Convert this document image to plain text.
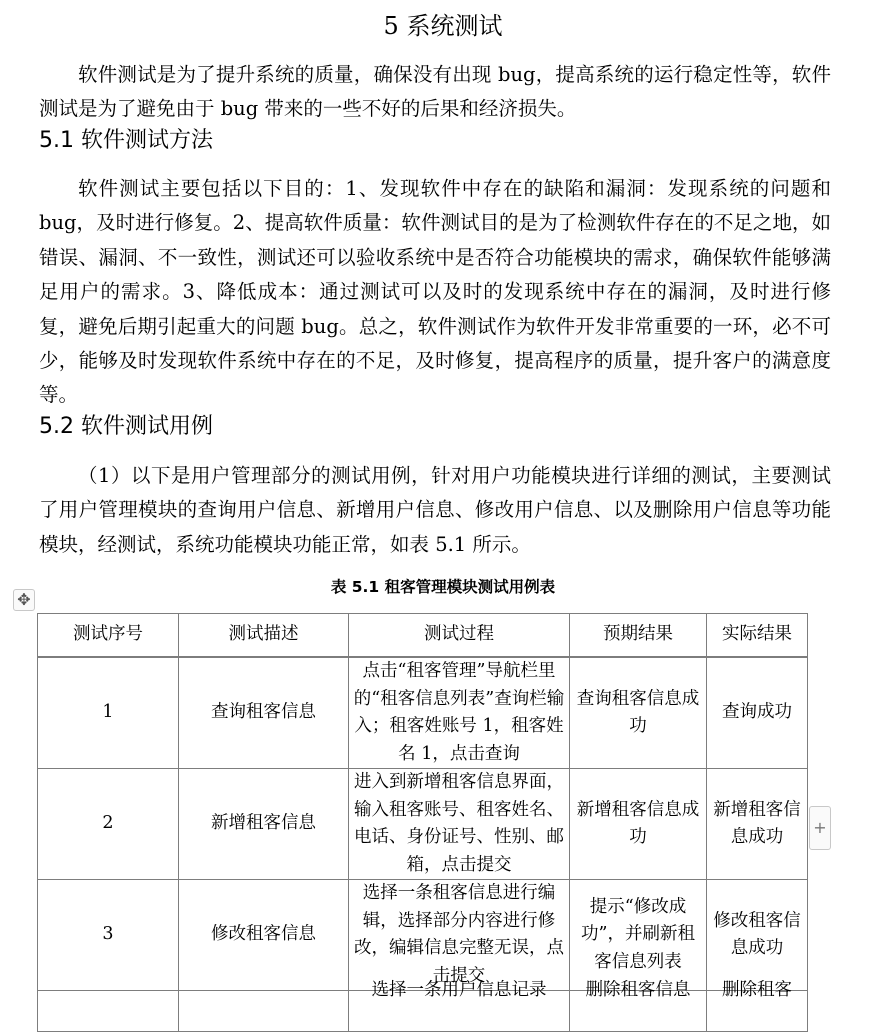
5 系统测试

软件测试是为了提升系统的质量，确保没有出现 bug，提高系统的运行稳定性等，软件测试是为了避免由于 bug 带来的一些不好的后果和经济损失。

5.1 软件测试方法

软件测试主要包括以下目的：1、发现软件中存在的缺陷和漏洞：发现系统的问题和 bug，及时进行修复。2、提高软件质量：软件测试目的是为了检测软件存在的不足之地，如错误、漏洞、不一致性，测试还可以验收系统中是否符合功能模块的需求，确保软件能够满足用户的需求。3、降低成本：通过测试可以及时的发现系统中存在的漏洞，及时进行修复，避免后期引起重大的问题 bug。总之，软件测试作为软件开发非常重要的一环，必不可少，能够及时发现软件系统中存在的不足，及时修复，提高程序的质量，提升客户的满意度等。

5.2 软件测试用例

（1）以下是用户管理部分的测试用例，针对用户功能模块进行详细的测试，主要测试了用户管理模块的查询用户信息、新增用户信息、修改用户信息、以及删除用户信息等功能模块，经测试，系统功能模块功能正常，如表 5.1 所示。

表 5.1 租客管理模块测试用例表
✥
测试序号	测试描述	测试过程	预期结果	实际结果
1	查询租客信息	点击“租客管理”导航栏里的“租客信息列表”查询栏输入；租客姓账号 1，租客姓名 1，点击查询	查询租客信息成功	查询成功
2	新增租客信息	进入到新增租客信息界面，输入租客账号、租客姓名、电话、身份证号、性别、邮箱，点击提交	新增租客信息成功	新增租客信息成功
3	修改租客信息	选择一条租客信息进行编辑，选择部分内容进行修改，编辑信息完整无误，点击提交	提示“修改成功”，并刷新租客信息列表	修改租客信息成功

		选择一条用户信息记录	删除租客信息	删除租客
+
